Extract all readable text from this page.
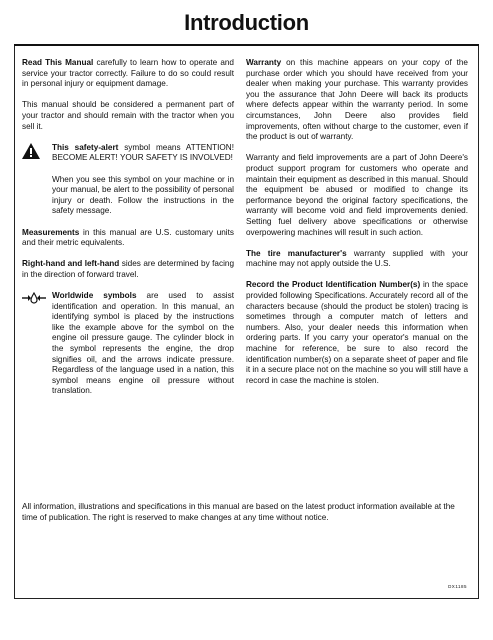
Introduction

Read This Manual carefully to learn how to operate and service your tractor correctly. Failure to do so could result in personal injury or equipment damage.

This manual should be considered a permanent part of your tractor and should remain with the tractor when you sell it.

This safety-alert symbol means ATTENTION! BECOME ALERT! YOUR SAFETY IS INVOLVED!

When you see this symbol on your machine or in your manual, be alert to the possibility of personal injury or death. Follow the instructions in the safety message.

Measurements in this manual are U.S. customary units and their metric equivalents.

Right-hand and left-hand sides are determined by facing in the direction of forward travel.

Worldwide symbols are used to assist identification and operation. In this manual, an identifying symbol is placed by the instructions like the example above for the symbol on the engine oil pressure gauge. The cylinder block in the symbol represents the engine, the drop signifies oil, and the arrows indicate pressure. Regardless of the language used in a nation, this symbol means engine oil pressure without translation.

Warranty on this machine appears on your copy of the purchase order which you should have received from your dealer when making your purchase. This warranty provides you the assurance that John Deere will back its products where defects appear within the warranty period. In some circumstances, John Deere also provides field improvements, often without charge to the customer, even if the product is out of warranty.

Warranty and field improvements are a part of John Deere's product support program for customers who operate and maintain their equipment as described in this manual. Should the equipment be abused or modified to change its performance beyond the original factory specifications, the warranty will become void and field improvements denied. Setting fuel delivery above specifications or otherwise overpowering machines will result in such action.

The tire manufacturer's warranty supplied with your machine may not apply outside the U.S.

Record the Product Identification Number(s) in the space provided following Specifications. Accurately record all of the characters because (should the product be stolen) tracing is sometimes through a computer match of letters and numbers. Also, your dealer needs this information when ordering parts. If you carry your operator's manual on the machine for reference, be sure to also record the identification number(s) on a separate sheet of paper and file it in a secure place not on the machine so you will still have a record in case the machine is stolen.

All information, illustrations and specifications in this manual are based on the latest product information available at the time of publication. The right is reserved to make changes at any time without notice.
DX1185
